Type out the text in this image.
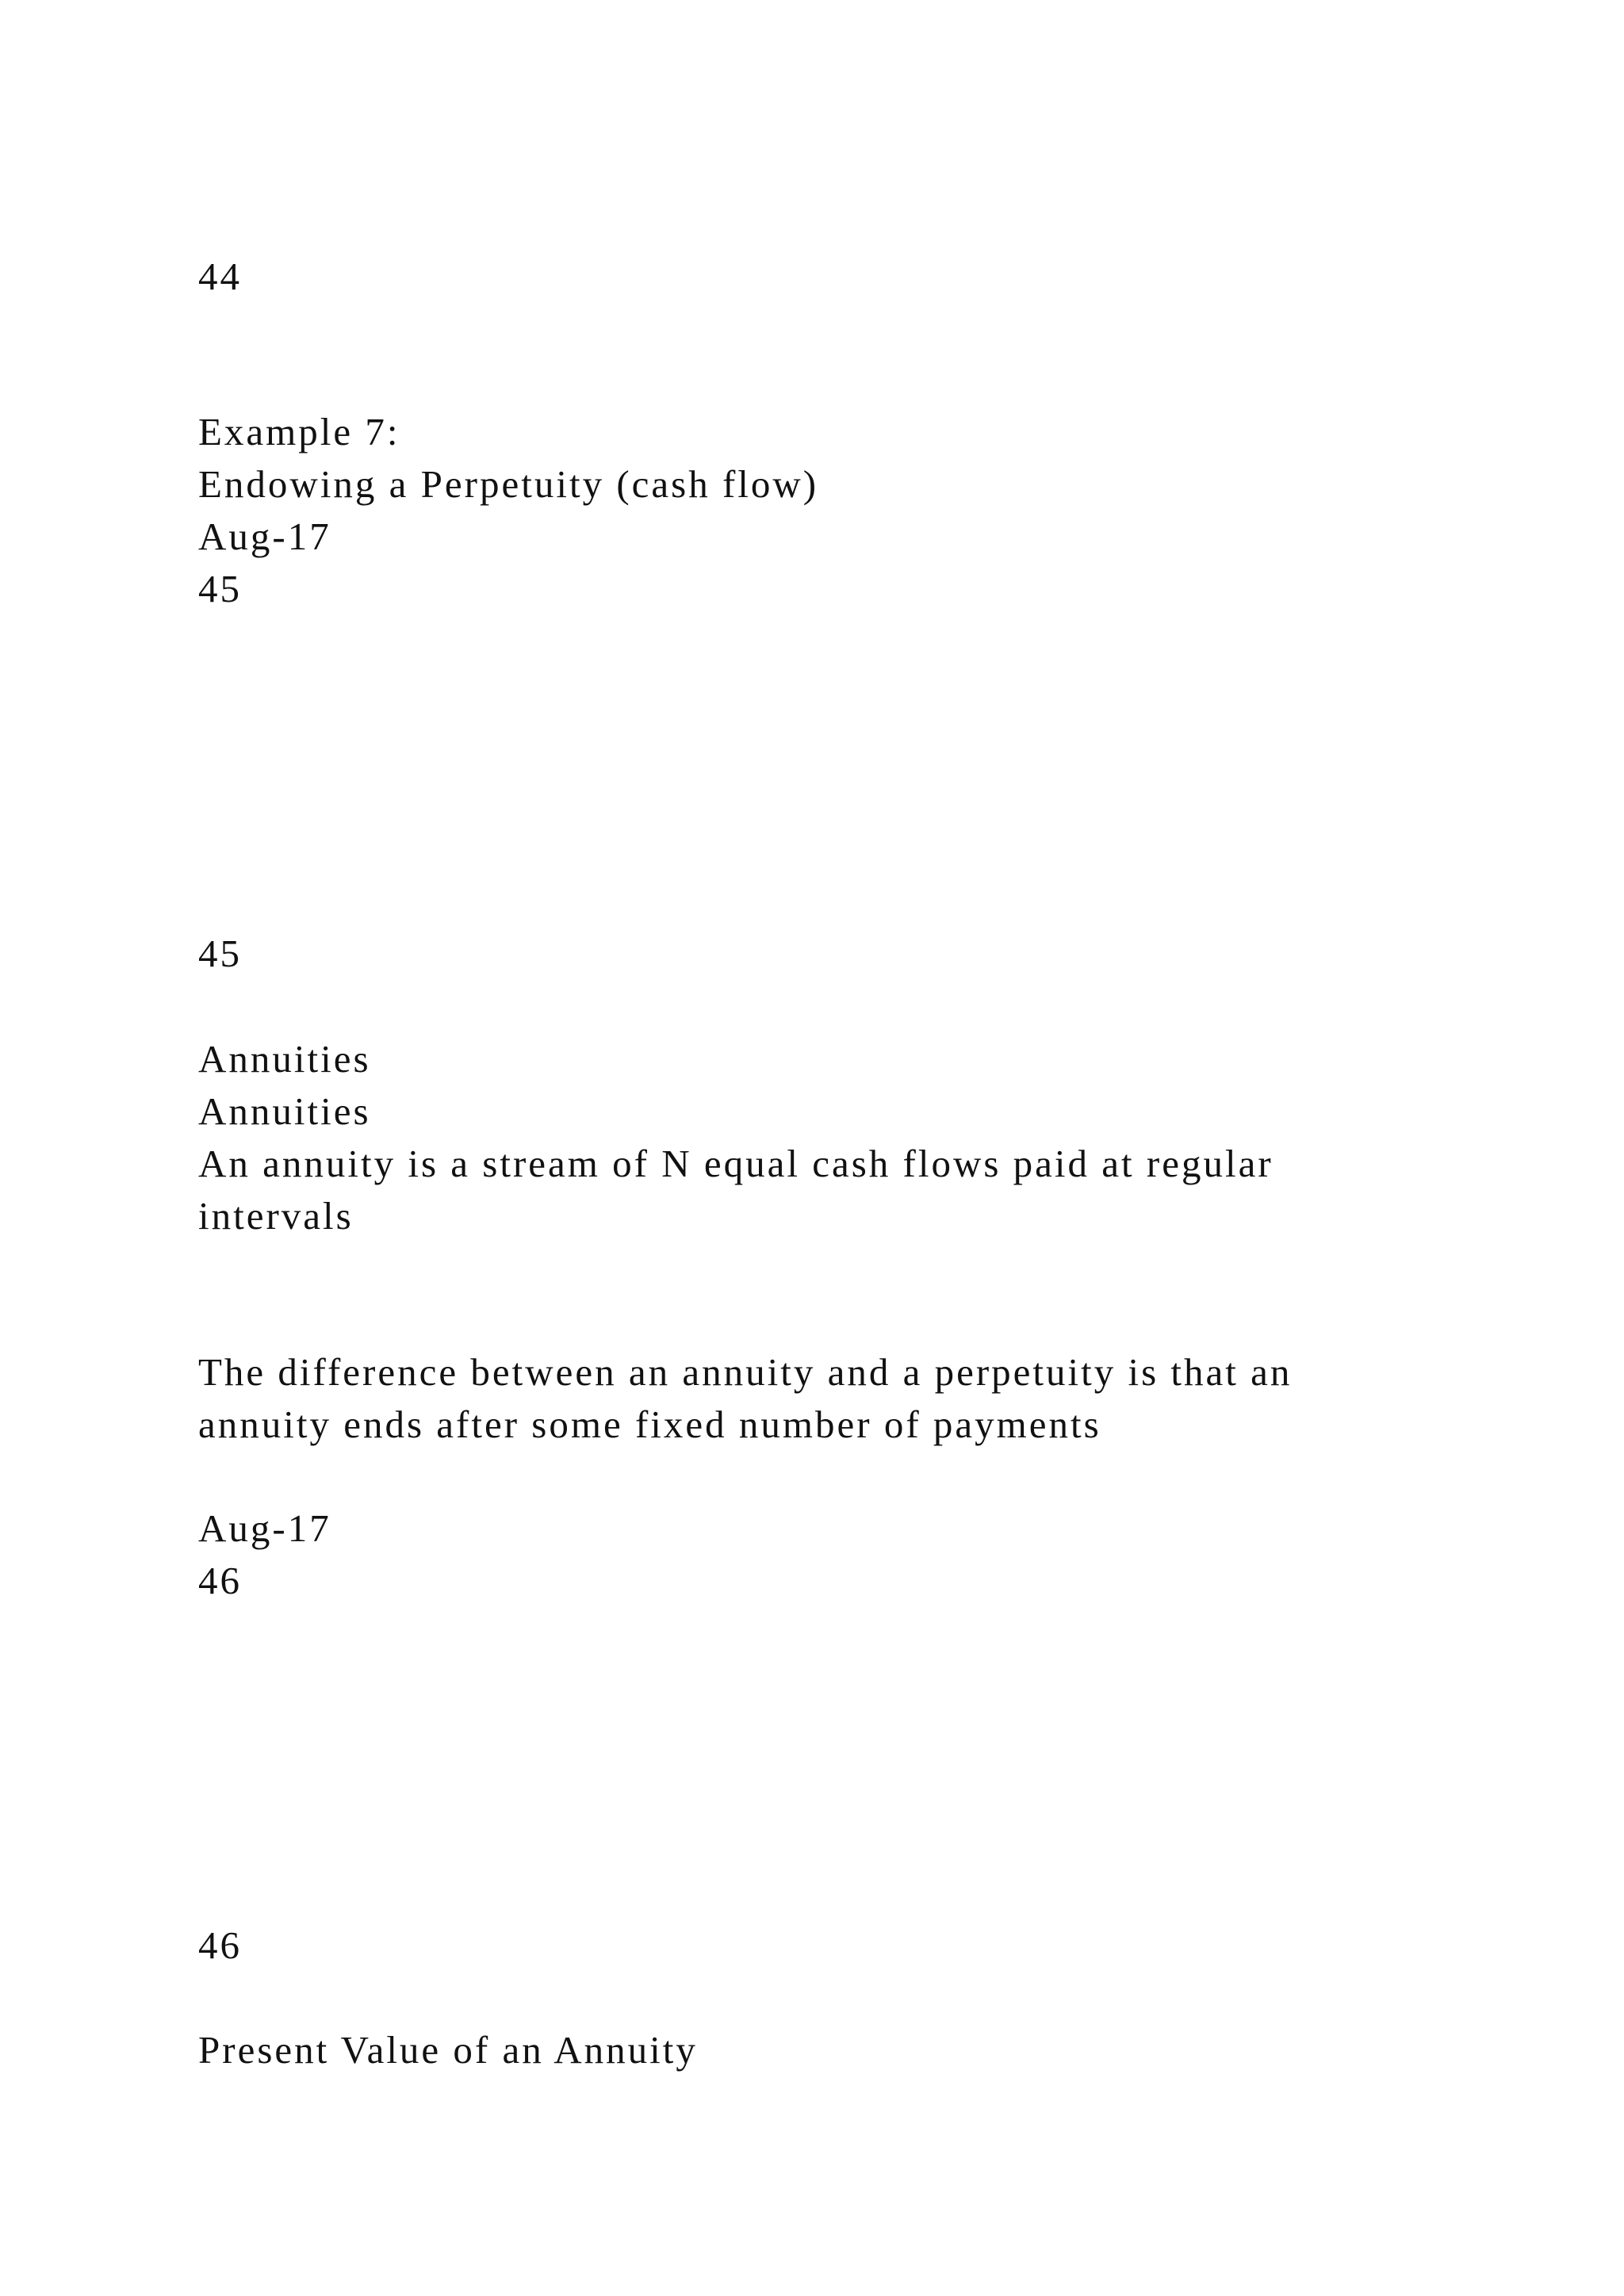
44

Example 7:

Endowing a Perpetuity (cash flow)

Aug-17

45

45

Annuities

Annuities

An annuity is a stream of N equal cash flows paid at regular

intervals

The difference between an annuity and a perpetuity is that an

annuity ends after some fixed number of payments

Aug-17

46

46

Present Value of an Annuity
